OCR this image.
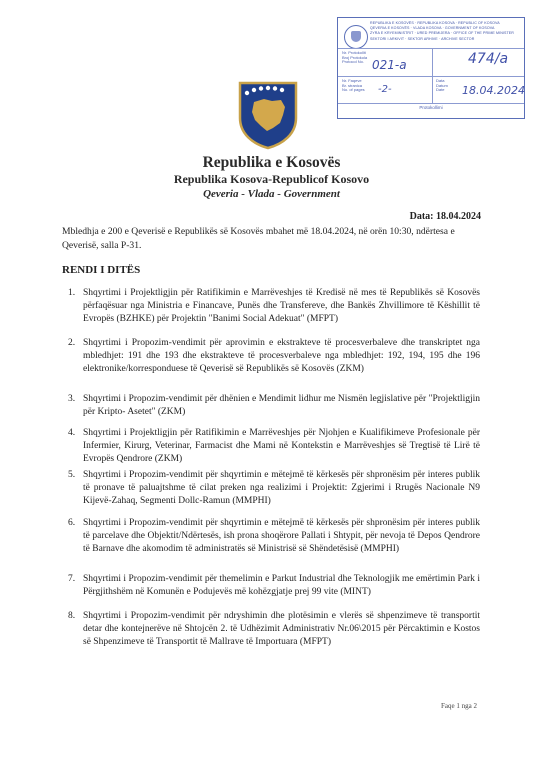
REPUBLIKA E KOSOVËS · REPUBLIKA KOSOVA · REPUBLIC OF KOSOVA
QEVERIA E KOSOVËS · VLADA KOSOVA · GOVERNMENT OF KOSOVA
ZYRA E KRYEMINISTRIT · URED PREMIJERA · OFFICE OF THE PRIME MINISTER
SEKTORI I ARKIVIT · SEKTOR ARHIVE · ARCHIVE SECTOR
Nr. Protokollit
Broj Protokola
Protocol No. 021-a	474/a
Nr. Faqeve
Br. stranica
No. of pages	-2-
Data
Datum
Date	18.04.2024
Protokollimi
Republika e Kosovës
Republika Kosova-Republicof Kosovo
Qeveria - Vlada - Government
Data: 18.04.2024
Mbledhja e 200 e Qeverisë e Republikës së Kosovës mbahet më 18.04.2024, në orën 10:30, ndërtesa e Qeverisë, salla P-31.
RENDI I DITËS
1. Shqyrtimi i Projektligjin për Ratifikimin e Marrëveshjes të Kredisë në mes të Republikës së Kosovës përfaqësuar nga Ministria e Financave, Punës dhe Transfereve, dhe Bankës Zhvillimore të Këshillit të Evropës (BZHKE) për Projektin "Banimi Social Adekuat" (MFPT)
2. Shqyrtimi i Propozim-vendimit për aprovimin e ekstrakteve të procesverbaleve dhe transkriptet nga mbledhjet: 191 dhe 193 dhe ekstrakteve të procesverbaleve nga mbledhjet: 192, 194, 195 dhe 196 elektronike/korresponduese të Qeverisë së Republikës së Kosovës (ZKM)
3. Shqyrtimi i Propozim-vendimit për dhënien e Mendimit lidhur me Nismën legjislative për "Projektligjin për Kripto- Asetet" (ZKM)
4. Shqyrtimi i Projektligjin për Ratifikimin e Marrëveshjes për Njohjen e Kualifikimeve Profesionale për Infermier, Kirurg, Veterinar, Farmacist dhe Mami në Kontekstin e Marrëveshjes së Tregtisë të Lirë të Evropës Qendrore (ZKM)
5. Shqyrtimi i Propozim-vendimit për shqyrtimin e mëtejmë të kërkesës për shpronësim për interes publik të pronave të paluajtshme të cilat preken nga realizimi i Projektit: Zgjerimi i Rrugës Nacionale N9 Kijevë-Zahaq, Segmenti Dollc-Ramun (MMPHI)
6. Shqyrtimi i Propozim-vendimit për shqyrtimin e mëtejmë të kërkesës për shpronësim për interes publik të parcelave dhe Objektit/Ndërtesës, ish prona shoqërore Pallati i Shtypit, për nevoja të Depos Qendrore të Barnave dhe akomodim të administratës së Ministrisë së Shëndetësisë (MMPHI)
7. Shqyrtimi i Propozim-vendimit për themelimin e Parkut Industrial dhe Teknologjik me emërtimin Park i Përgjithshëm në Komunën e Podujevës më kohëzgjatje prej 99 vite (MINT)
8. Shqyrtimi i Propozim-vendimit për ndryshimin dhe plotësimin e vlerës së shpenzimeve të transportit detar dhe kontejnerëve në Shtojcën 2. të Udhëzimit Administrativ Nr.06\2015 për Përcaktimin e Kostos së Shpenzimeve të Transportit të Mallrave të Importuara (MFPT)
Faqe 1 nga 2
